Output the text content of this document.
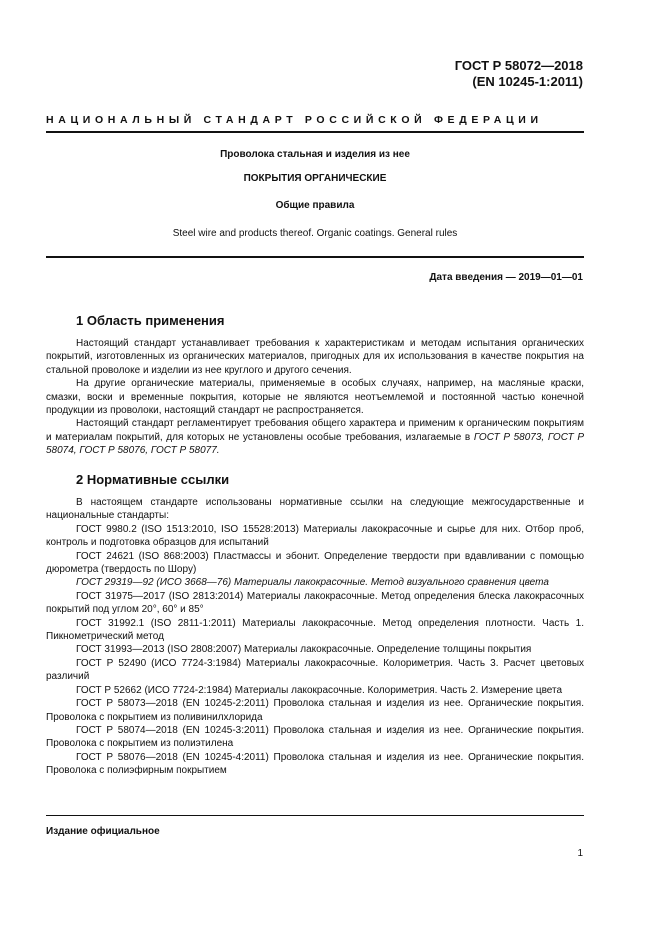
ГОСТ Р 58072—2018
(EN 10245-1:2011)
НАЦИОНАЛЬНЫЙ СТАНДАРТ РОССИЙСКОЙ ФЕДЕРАЦИИ
Проволока стальная и изделия из нее
ПОКРЫТИЯ ОРГАНИЧЕСКИЕ
Общие правила
Steel wire and products thereof. Organic coatings. General rules
Дата введения — 2019—01—01
1 Область применения

Настоящий стандарт устанавливает требования к характеристикам и методам испытания органических покрытий, изготовленных из органических материалов, пригодных для их использования в качестве покрытия на стальной проволоке и изделии из нее круглого и другого сечения.

На другие органические материалы, применяемые в особых случаях, например, на масляные краски, смазки, воски и временные покрытия, которые не являются неотъемлемой и постоянной частью конечной продукции из проволоки, настоящий стандарт не распространяется.

Настоящий стандарт регламентирует требования общего характера и применим к органическим покрытиям и материалам покрытий, для которых не установлены особые требования, излагаемые в ГОСТ Р 58073, ГОСТ Р 58074, ГОСТ Р 58076, ГОСТ Р 58077.

2 Нормативные ссылки

В настоящем стандарте использованы нормативные ссылки на следующие межгосударственные и национальные стандарты:

ГОСТ 9980.2 (ISO 1513:2010, ISO 15528:2013) Материалы лакокрасочные и сырье для них. Отбор проб, контроль и подготовка образцов для испытаний

ГОСТ 24621 (ISO 868:2003) Пластмассы и эбонит. Определение твердости при вдавливании с помощью дюрометра (твердость по Шору)

ГОСТ 29319—92 (ИСО 3668—76) Материалы лакокрасочные. Метод визуального сравнения цвета

ГОСТ 31975—2017 (ISO 2813:2014) Материалы лакокрасочные. Метод определения блеска лакокрасочных покрытий под углом 20°, 60° и 85°

ГОСТ 31992.1 (ISO 2811-1:2011) Материалы лакокрасочные. Метод определения плотности. Часть 1. Пикнометрический метод

ГОСТ 31993—2013 (ISO 2808:2007) Материалы лакокрасочные. Определение толщины покрытия

ГОСТ Р 52490 (ИСО 7724-3:1984) Материалы лакокрасочные. Колориметрия. Часть 3. Расчет цветовых различий

ГОСТ Р 52662 (ИСО 7724-2:1984) Материалы лакокрасочные. Колориметрия. Часть 2. Измерение цвета

ГОСТ Р 58073—2018 (EN 10245-2:2011) Проволока стальная и изделия из нее. Органические покрытия. Проволока с покрытием из поливинилхлорида

ГОСТ Р 58074—2018 (EN 10245-3:2011) Проволока стальная и изделия из нее. Органические покрытия. Проволока с покрытием из полиэтилена

ГОСТ Р 58076—2018 (EN 10245-4:2011) Проволока стальная и изделия из нее. Органические покрытия. Проволока с полиэфирным покрытием

Издание официальное
1
